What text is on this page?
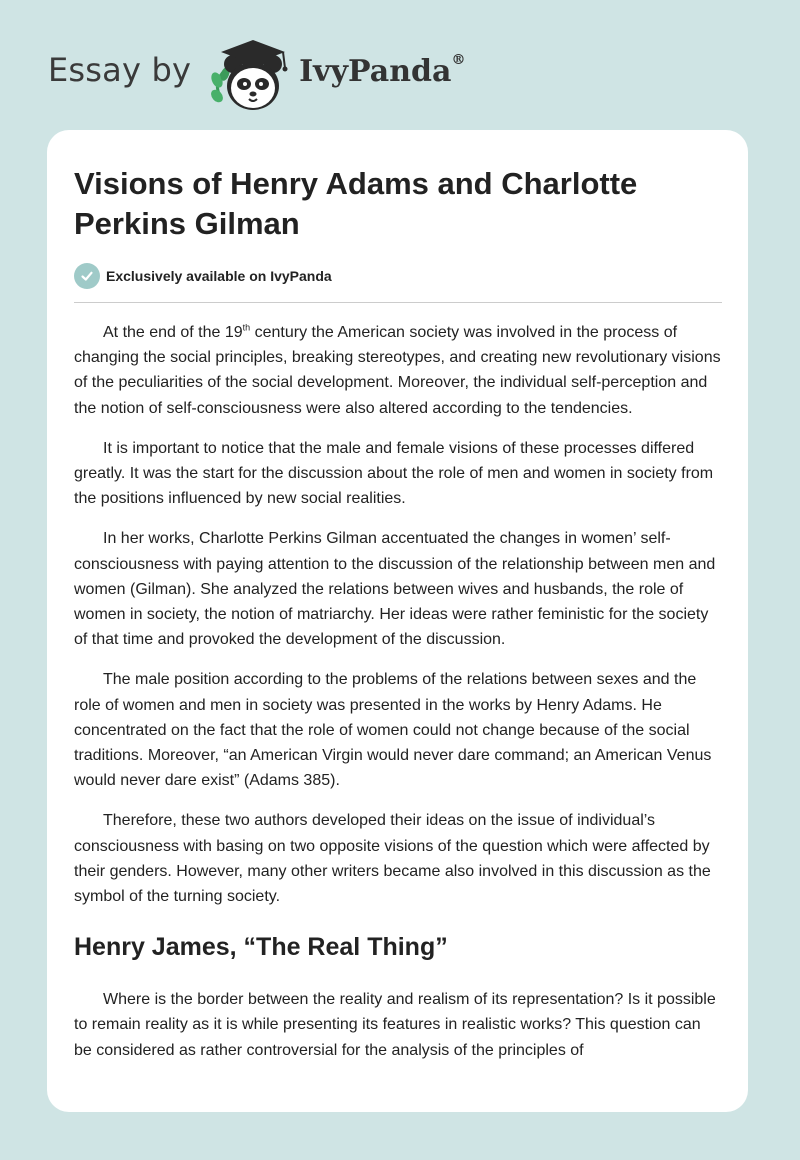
Essay by	IvyPanda®
Visions of Henry Adams and Charlotte Perkins Gilman
Exclusively available on IvyPanda

At the end of the 19th century the American society was involved in the process of changing the social principles, breaking stereotypes, and creating new revolutionary visions of the peculiarities of the social development. Moreover, the individual self-perception and the notion of self-consciousness were also altered according to the tendencies.

It is important to notice that the male and female visions of these processes differed greatly. It was the start for the discussion about the role of men and women in society from the positions influenced by new social realities.

In her works, Charlotte Perkins Gilman accentuated the changes in women’ self-consciousness with paying attention to the discussion of the relationship between men and women (Gilman). She analyzed the relations between wives and husbands, the role of women in society, the notion of matriarchy. Her ideas were rather feministic for the society of that time and provoked the development of the discussion.

The male position according to the problems of the relations between sexes and the role of women and men in society was presented in the works by Henry Adams. He concentrated on the fact that the role of women could not change because of the social traditions. Moreover, “an American Virgin would never dare command; an American Venus would never dare exist” (Adams 385).

Therefore, these two authors developed their ideas on the issue of individual’s consciousness with basing on two opposite visions of the question which were affected by their genders. However, many other writers became also involved in this discussion as the symbol of the turning society.

Henry James, “The Real Thing”

Where is the border between the reality and realism of its representation? Is it possible to remain reality as it is while presenting its features in realistic works? This question can be considered as rather controversial for the analysis of the principles of
